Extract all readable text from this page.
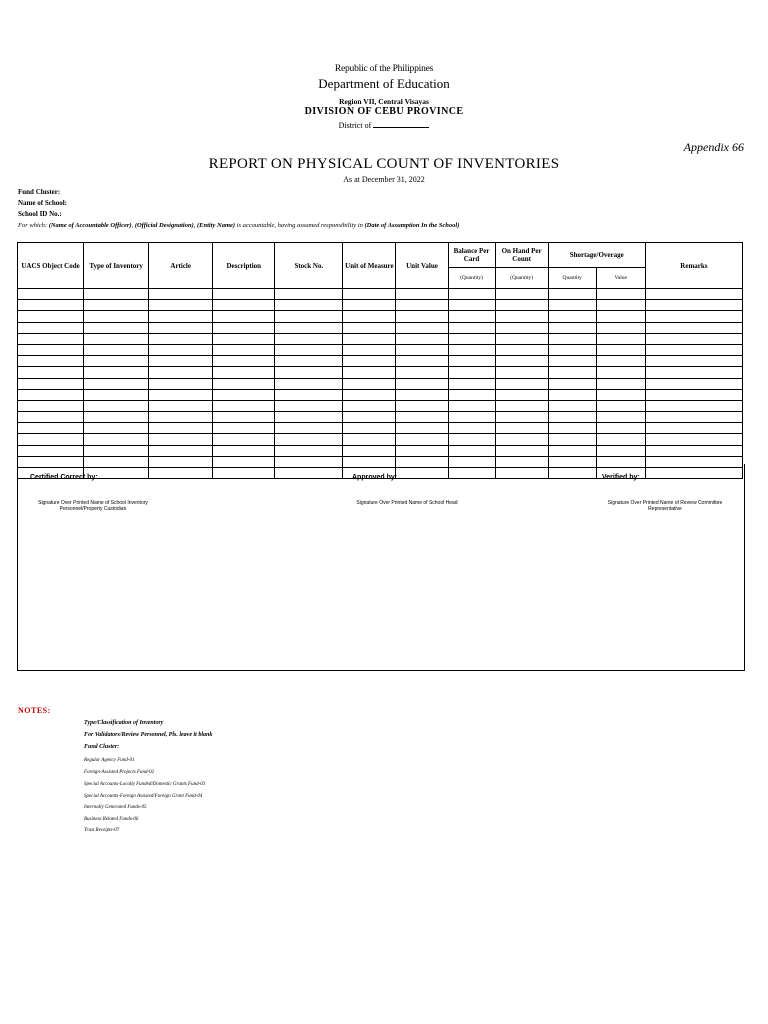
Republic of the Philippines
Department of Education
Region VII, Central Visayas
DIVISION OF CEBU PROVINCE
District of
Appendix 66
REPORT ON PHYSICAL COUNT OF INVENTORIES
As at December 31, 2022
Fund Cluster:
Name of School:
School ID No.:
For which: (Name of Accountable Officer), (Official Designation), (Entity Name) is accountable, having assumed responsibility in (Date of Assumption In the School)
UACS Object Code	Type of Inventory	Article	Description	Stock No.	Unit of Measure	Unit Value	Balance Per Card	On Hand Per Count	Shortage/Overage		Remarks
							(Quantity)	(Quantity)	Quantity	Value	

Certified Correct by:	Approved by:	Verified by:
Signature Over Printed Name of School Inventory Personnel/Property Custodian
Signature Over Printed Name of School Head	Signature Over Printed Name of Review Committee Representative
NOTES:
Type/Classification of Inventory
For Validators/Review Personnel, Pls. leave it blank
Fund Cluster:
Regular Agency Fund-01
Foreign-Assisted Projects Fund-02
Special Accounts-Locally Funded/Domestic Grants Fund-03
Special Accounts-Foreign Assisted/Foreign Grant Fund-04
Internally Generated Funds-05
Business Related Funds-06
Trust Receipts-07
